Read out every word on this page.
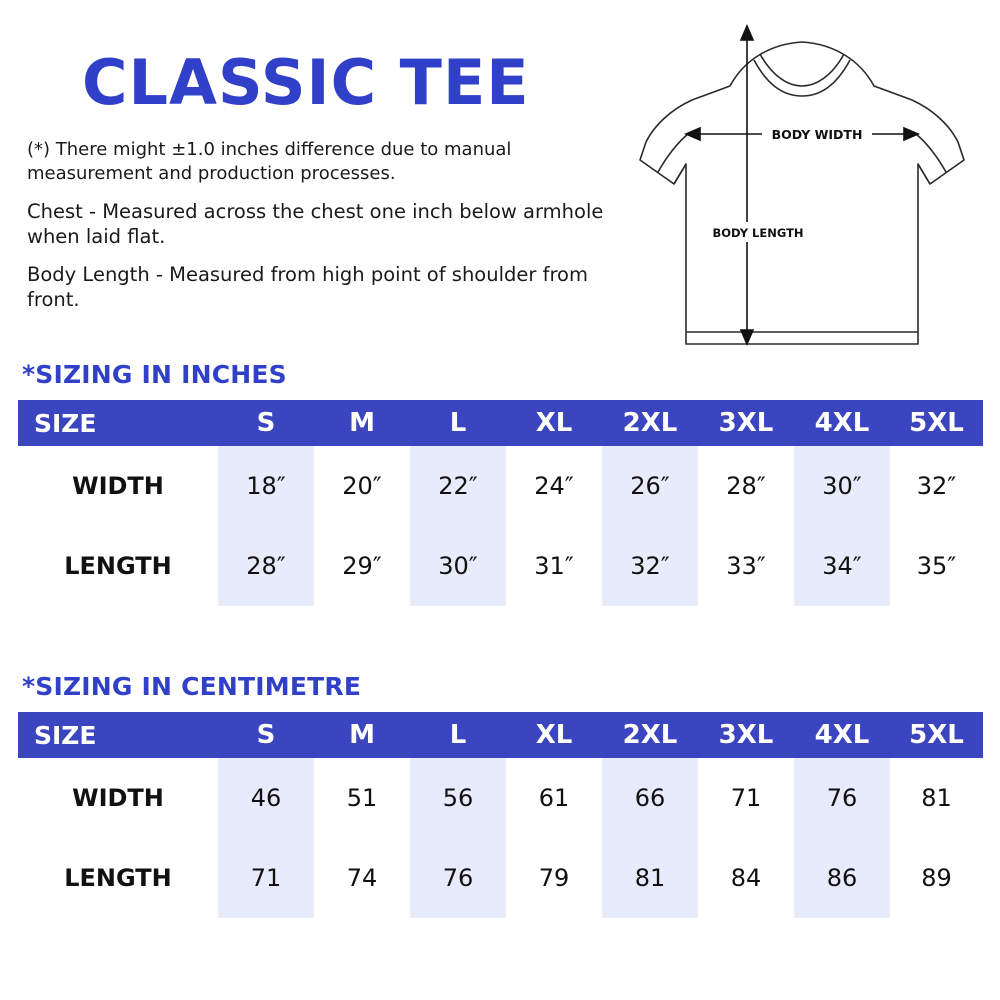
CLASSIC TEE
(*) There might ±1.0 inches difference due to manual measurement and production processes.
Chest - Measured across the chest one inch below armhole when laid flat.
Body Length - Measured from high point of shoulder from front.
BODY WIDTH
BODY LENGTH
*SIZING IN INCHES
SIZE	S	M	L	XL	2XL	3XL	4XL	5XL
WIDTH	18″	20″	22″	24″	26″	28″	30″	32″
LENGTH	28″	29″	30″	31″	32″	33″	34″	35″
*SIZING IN CENTIMETRE
SIZE	S	M	L	XL	2XL	3XL	4XL	5XL
WIDTH	46	51	56	61	66	71	76	81
LENGTH	71	74	76	79	81	84	86	89
